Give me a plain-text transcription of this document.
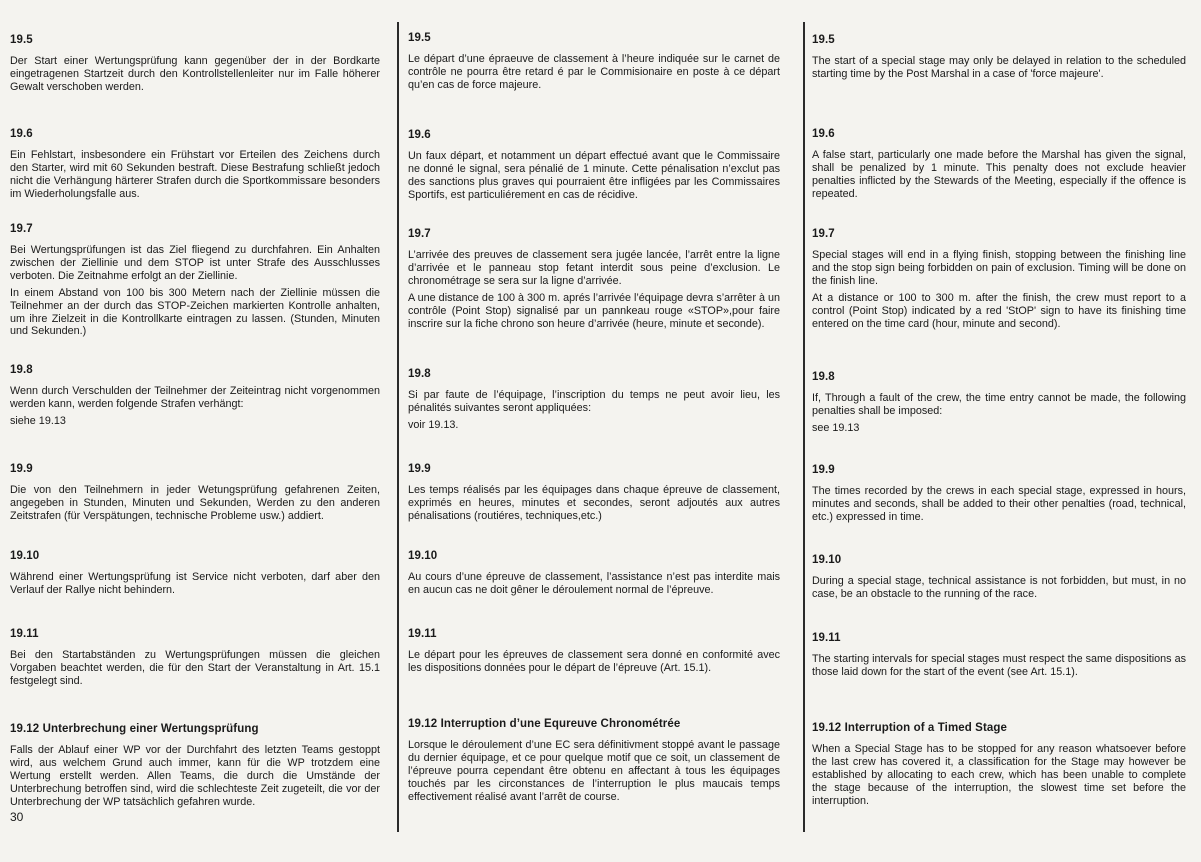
19.5

Der Start einer Wertungsprüfung kann gegenüber der in der Bordkarte eingetragenen Startzeit durch den Kontrollstellenleiter nur im Falle höherer Gewalt verschoben werden.

19.6

Ein Fehlstart, insbesondere ein Frühstart vor Erteilen des Zeichens durch den Starter, wird mit 60 Sekunden bestraft. Diese Bestrafung schließt jedoch nicht die Verhängung härterer Strafen durch die Sportkommissare besonders im Wiederholungsfalle aus.

19.7

Bei Wertungsprüfungen ist das Ziel fliegend zu durchfahren. Ein Anhalten zwischen der Ziellinie und dem STOP ist unter Strafe des Ausschlusses verboten. Die Zeitnahme erfolgt an der Ziellinie.

In einem Abstand von 100 bis 300 Metern nach der Ziellinie müssen die Teilnehmer an der durch das STOP-Zeichen markierten Kontrolle anhalten, um ihre Zielzeit in die Kontrollkarte eintragen zu lassen. (Stunden, Minuten und Sekunden.)

19.8

Wenn durch Verschulden der Teilnehmer der Zeiteintrag nicht vorgenommen werden kann, werden folgende Strafen verhängt:

siehe 19.13

19.9

Die von den Teilnehmern in jeder Wetungsprüfung gefahrenen Zeiten, angegeben in Stunden, Minuten und Sekunden, Werden zu den anderen Zeitstrafen (für Verspätungen, technische Probleme usw.) addiert.

19.10

Während einer Wertungsprüfung ist Service nicht verboten, darf aber den Verlauf der Rallye nicht behindern.

19.11

Bei den Startabständen zu Wertungsprüfungen müssen die gleichen Vorgaben beachtet werden, die für den Start der Veranstaltung in Art. 15.1 festgelegt sind.

19.12 Unterbrechung einer Wertungsprüfung

Falls der Ablauf einer WP vor der Durchfahrt des letzten Teams gestoppt wird, aus welchem Grund auch immer, kann für die WP trotzdem eine Wertung erstellt werden. Allen Teams, die durch die Umstände der Unterbrechung betroffen sind, wird die schlechteste Zeit zugeteilt, die vor der Unterbrechung der WP tatsächlich gefahren wurde.

19.5

Le départ d’une épraeuve de classement à l’heure indiquée sur le carnet de contrôle ne pourra être retard é par le Commisionaire en poste à ce départ qu’en cas de force majeure.

19.6

Un faux départ, et notamment un départ effectué avant que le Commissaire ne donné le signal, sera pénalié de 1 minute. Cette pénalisation n’exclut pas des sanctions plus graves qui pourraient être infligées par les Commissaires Sportifs, est particuliérement en cas de récidive.

19.7

L’arrivée des preuves de classement sera jugée lancée, l’arrêt entre la ligne d’arrivée et le panneau stop fetant interdit sous peine d’exclusion. Le chronométrage se sera sur la ligne d’arrivée.

A une distance de 100 à 300 m. aprés l’arrivée l’équipage devra s’arrêter à un contrôle (Point Stop) signalisé par un pannkeau rouge «STOP»,pour faire inscrire sur la fiche chrono son heure d’arrivée (heure, minute et seconde).

19.8

Si par faute de l’équipage, l’inscription du temps ne peut avoir lieu, les pénalités suivantes seront appliquées:

voir 19.13.

19.9

Les temps réalisés par les équipages dans chaque épreuve de classement, exprimés en heures, minutes et secondes, seront adjoutés aux autres pénalisations (routiéres, techniques,etc.)

19.10

Au cours d’une épreuve de classement, l’assistance n’est pas interdite mais en aucun cas ne doit gêner le déroulement normal de l’épreuve.

19.11

Le départ pour les épreuves de classement sera donné en conformité avec les dispositions données pour le départ de l’épreuve (Art. 15.1).

19.12 Interruption d’une Equreuve Chronométrée

Lorsque le déroulement d’une EC sera définitivment stoppé avant le passage du dernier équipage, et ce pour quelque motif que ce soit, un classement de l’épreuve pourra cependant être obtenu en affectant à tous les équipages touchés par les circonstances de l’interruption le plus maucais temps effectivement réalisé avant l’arrêt de course.

19.5

The start of a special stage may only be delayed in relation to the scheduled starting time by the Post Marshal in a case of 'force majeure'.

19.6

A false start, particularly one made before the Marshal has given the signal, shall be penalized by 1 minute. This penalty does not exclude heavier penalties inflicted by the Stewards of the Meeting, especially if the offence is repeated.

19.7

Special stages will end in a flying finish, stopping between the finishing line and the stop sign being forbidden on pain of exclusion. Timing will be done on the finish line.

At a distance or 100 to 300 m. after the finish, the crew must report to a control (Point Stop) indicated by a red 'StOP' sign to have its finishing time entered on the time card (hour, minute and second).

19.8

If, Through a fault of the crew, the time entry cannot be made, the following penalties shall be imposed:

see 19.13

19.9

The times recorded by the crews in each special stage, expressed in hours, minutes and seconds, shall be added to their other penalties (road, technical, etc.) expressed in time.

19.10

During a special stage, technical assistance is not forbidden, but must, in no case, be an obstacle to the running of the race.

19.11

The starting intervals for special stages must respect the same dispositions as those laid down for the start of the event (see Art. 15.1).

19.12 Interruption of a Timed Stage

When a Special Stage has to be stopped for any reason whatsoever before the last crew has covered it, a classification for the Stage may however be established by allocating to each crew, which has been unable to complete the stage because of the interruption, the slowest time set before the interruption.

30
